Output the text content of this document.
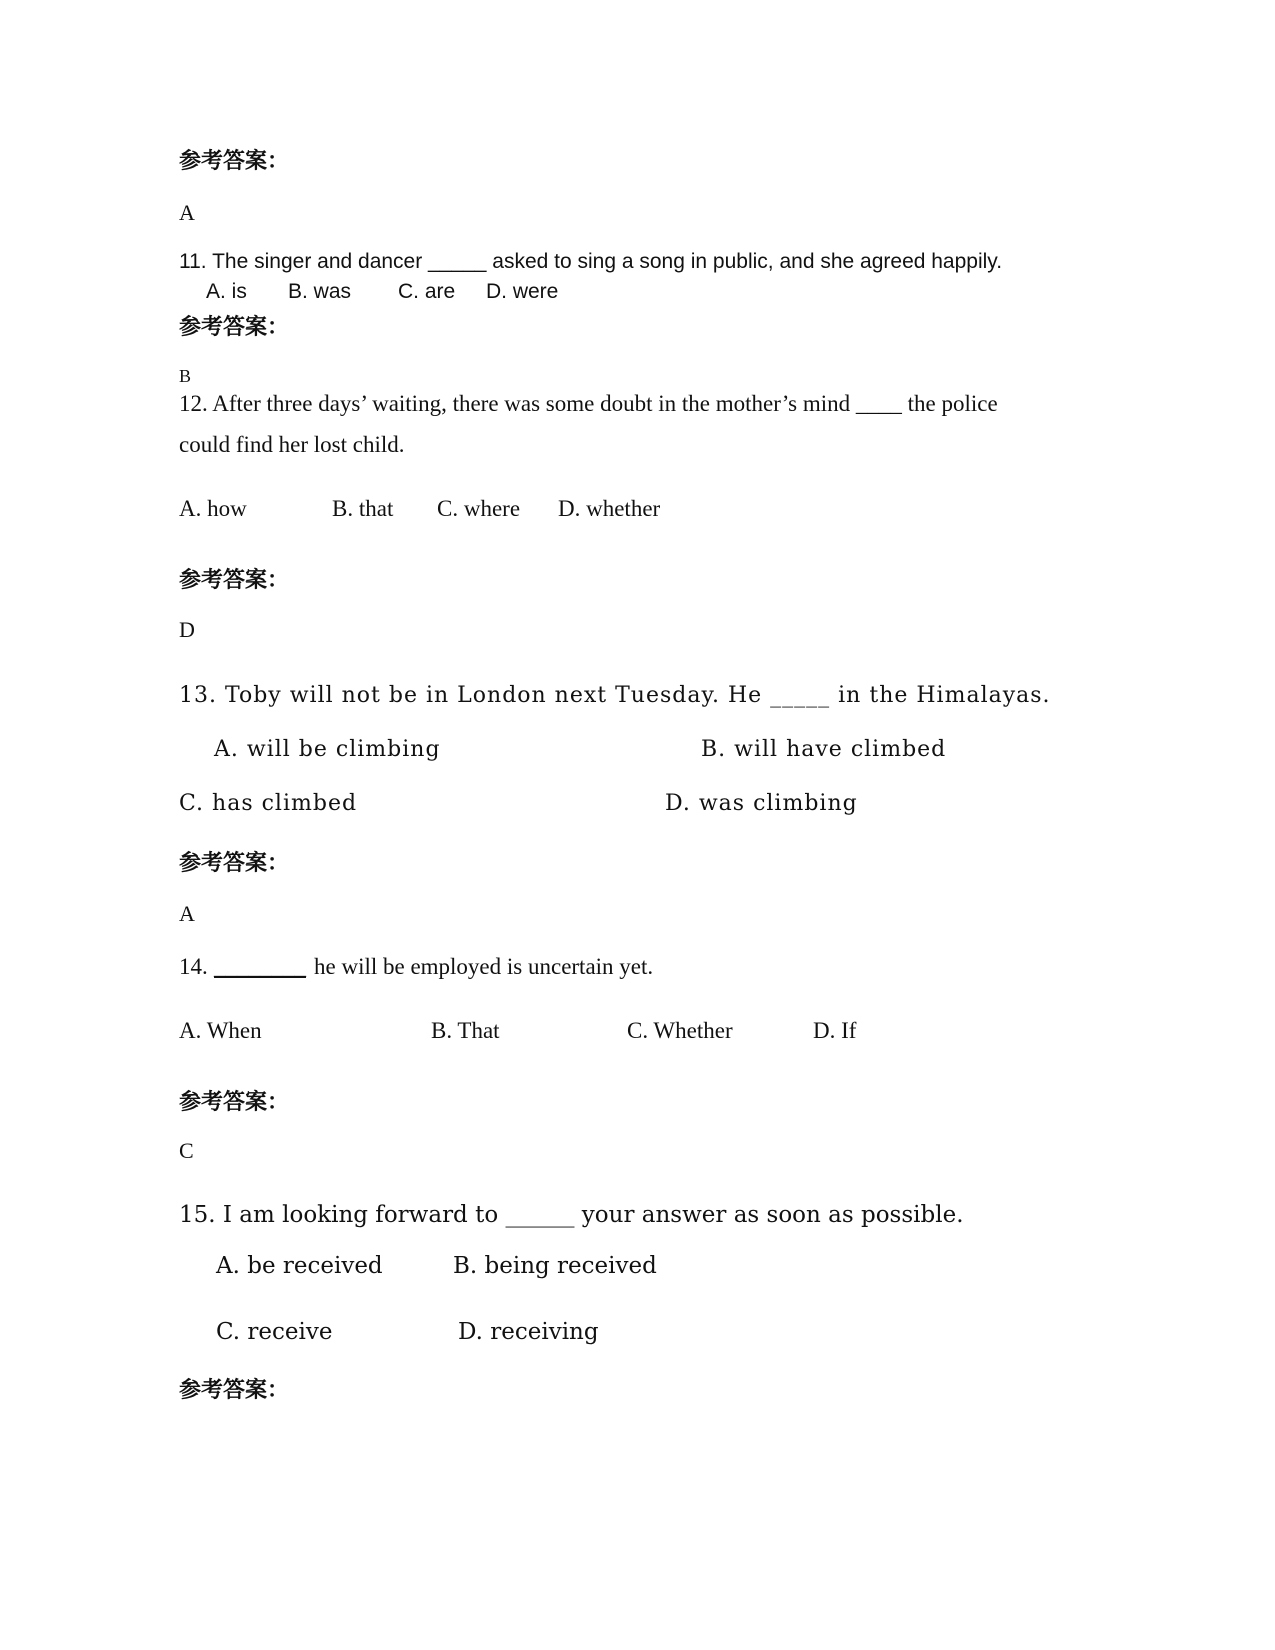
参考答案：
A
11. The singer and dancer _____ asked to sing a song in public, and she agreed happily.
A. is B. was C. are D. were
参考答案：
B
12. After three days’ waiting, there was some doubt in the mother’s mind ____ the police
could find her lost child.
A. how	B. that C. where D. whether
参考答案：
D
13. Toby will not be in London next Tuesday. He _____ in the Himalayas.
A. will be climbing	B. will have climbed
C. has climbed	D. was climbing
参考答案：
A
14. ________ he will be employed is uncertain yet.
A. When	B. That	C. Whether	D. If
参考答案：
C
15. I am looking forward to ______ your answer as soon as possible.
A. be received	B. being received
C. receive	D. receiving
参考答案：
